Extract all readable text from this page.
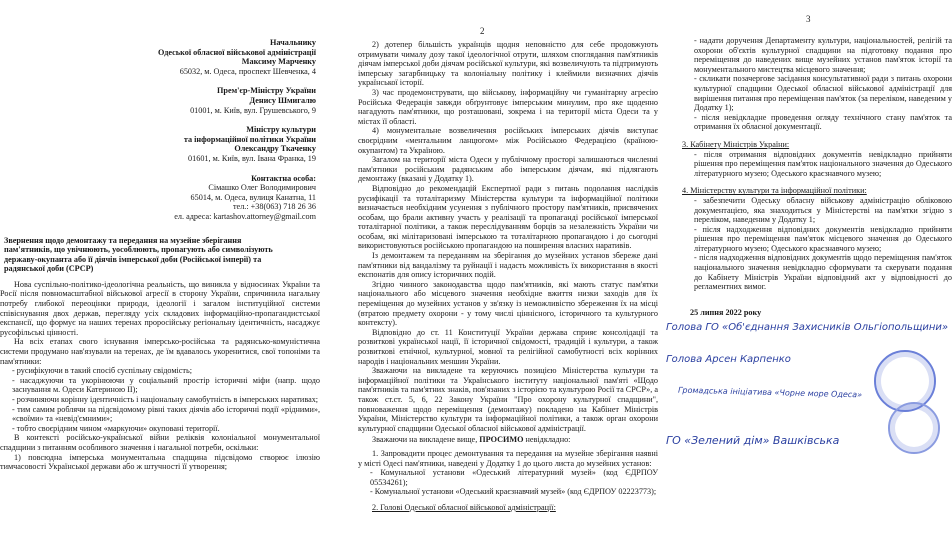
Начальнику
Одеської обласної військової адміністрації
Максиму Марченку
65032, м. Одеса, проспект Шевченка, 4
Прем'єр-Міністру України
Денису Шмигалю
01001, м. Київ, вул. Грушевського, 9
Міністру культури
та інформаційної політики України
Олександру Ткаченку
01601, м. Київ, вул. Івана Франка, 19
Контактна особа:
Сімашко Олег Володимирович
65014, м. Одеса, вулиця Канатна, 11
тел.: +38(063) 718 26 36
ел. адреса: kartashov.attorney@gmail.com
Звернення щодо демонтажу та передання на музейне зберігання пам'ятників, що увічнюють, уособлюють, пропагують або символізують державу-окупанта або її діячів імперської доби (Російської імперії) та радянської доби (СРСР)

Нова суспільно-політико-ідеологічна реальність, що виникла у відносинах України та Росії після повномасштабної військової агресії в сторону України, спричинила нагальну потребу глибокої переоцінки природи, ідеології і загалом інституційної системи співіснування двох держав, перегляду усіх складових інформаційно-пропагандистської експансії, що формує на наших теренах проросійську регіональну ідентичність, насаджує русофільські цінності.

На всіх етапах свого існування імперсько-російська та радянсько-комуністична системи продумано нав'язували на теренах, де їм вдавалось укоренитися, свої топоніми та пам'ятники:

- русифікуючи в такий спосіб суспільну свідомість;
- насаджуючи та укорінюючи у соціальний простір історичні міфи (напр. щодо заснування м. Одеси Катериною ІІ);
- розчиняючи корінну ідентичність і національну самобутність в імперських наративах;
- тим самим роблячи на підсвідомому рівні таких діячів або історичні події «рідними», «своїми» та «невід'ємними»;
- тобто своєрідним чином «маркуючи» окуповані території.

В контексті російсько-української війни реліквія колоніальної монументальної спадщини з питанням особливого значення і нагальної потреби, оскільки:

1) повсюдна імперська монументальна спадщина підсвідомо створює ілюзію тимчасовості Української держави або ж штучності її утворення;

2

2) дотепер більшість українців щодня неповністю для себе продовжують отримувати чималу дозу такої ідеологічної отрути, шляхом споглядання пам'ятників діячам імперської доби діячам російської культури, які возвеличують та підтримують імперську загарбницьку та колоніальну політику і клеймили визначних діячів української історії.

3) час продемонструвати, що військову, інформаційну чи гуманітарну агресію Російська Федерація завжди обґрунтовує імперським минулим, про яке щоденно нагадують пам'ятники, що розташовані, зокрема і на території міста Одеси та у містах її області.

4) монументальне возвеличення російських імперських діячів виступає своєрідним «ментальним ланцюгом» між Російською Федерацією (країною-окупантом) та Україною.

Загалом на території міста Одеси у публічному просторі залишаються численні пам'ятники російським радянським або імперським діячам, які підлягають демонтажу (вказані у Додатку 1).

Відповідно до рекомендацій Експертної ради з питань подолання наслідків русифікації та тоталітаризму Міністерства культури та інформаційної політики визначається необхідним усунення з публічного простору пам'ятників, присвячених особам, що брали активну участь у реалізації та пропаганді російської імперської тоталітарної політики, а також переслідуванням борців за незалежність України чи особам, які мілітаризовані імперською та тоталітарною пропагандою і до сьогодні використовуються російською пропагандою на поширення власних наративів.

Із демонтажем та переданням на зберігання до музейних установ збереже дані пам'ятники від вандалізму та руйнації і надасть можливість їх використання в якості експонатів для опису історичних подій.

Згідно чинного законодавства щодо пам'ятників, які мають статус пам'ятки національного або місцевого значення необхідне вжиття низки заходів для їх переміщення до музейних установ у зв'язку із неможливістю збереження їх на місці (втратою предмету охорони - у тому числі ціннісного, історичного та культурного контексту).

Відповідно до ст. 11 Конституції України держава сприяє консолідації та розвиткові української нації, її історичної свідомості, традицій і культури, а також розвиткові етнічної, культурної, мовної та релігійної самобутності всіх корінних народів і національних меншин України.

Зважаючи на викладене та керуючись позицією Міністерства культури та інформаційної політики та Українського інституту національної пам'яті «Щодо пам'ятників та пам'ятних знаків, пов'язаних з історією та культурою Росії та СРСР», а також ст.ст. 5, 6, 22 Закону України "Про охорону культурної спадщини", повноваження щодо переміщення (демонтажу) покладено на Кабінет Міністрів України, Міністерство культури та інформаційної політики, а також орган охорони культурної спадщини Одеської обласної військової адміністрації.

Зважаючи на викладене вище, ПРОСИМО невідкладно:

1. Запровадити процес демонтування та передання на музейне зберігання наявні у місті Одесі пам'ятники, наведені у Додатку 1 до цього листа до музейних установ:

- Комунальної установи «Одеський літературний музей» (код ЄДРПОУ 05534261);
- Комунальної установи «Одеський краєзнавчий музей» (код ЄДРПОУ 02223773);

2. Голові Одеської обласної військової адміністрації:

3
- надати доручення Департаменту культури, національностей, релігій та охорони об'єктів культурної спадщини на підготовку подання про переміщення до наведених вище музейних установ пам'яток історії та монументального мистецтва місцевого значення;
- скликати позачергове засідання консультативної ради з питань охорони культурної спадщини Одеської обласної військової адміністрації для вирішення питання про переміщення пам'яток (за переліком, наведеним у Додатку 1);
- після невідкладне проведення огляду технічного стану пам'яток та отримання їх обласної документації.

3. Кабінету Міністрів України:

- після отримання відповідних документів невідкладно прийняти рішення про переміщення пам'яток національного значення до Одеського літературного музею; Одеського краєзнавчого музею;

4. Міністерству культури та інформаційної політики:

- забезпечити Одеську обласну військову адміністрацію обліковою документацією, яка знаходиться у Міністерстві на пам'ятки згідно з переліком, наведеним у Додатку 1;
- після надходження відповідних документів невідкладно прийняти рішення про переміщення пам'яток місцевого значення до Одеського літературного музею; Одеського краєзнавчого музею;
- після надходження відповідних документів щодо переміщення пам'яток національного значення невідкладно сформувати та скерувати подання до Кабінету Міністрів України відповідний акт у відповідності до регламентних вимог.
25 липня 2022 року
Голова ГО «Об'єднання Захисників Ольгіопольщини»
Голова Арсен Карпенко
Громадська ініціатива «Чорне море Одеса»
ГО «Зелений дім» Вашківська
